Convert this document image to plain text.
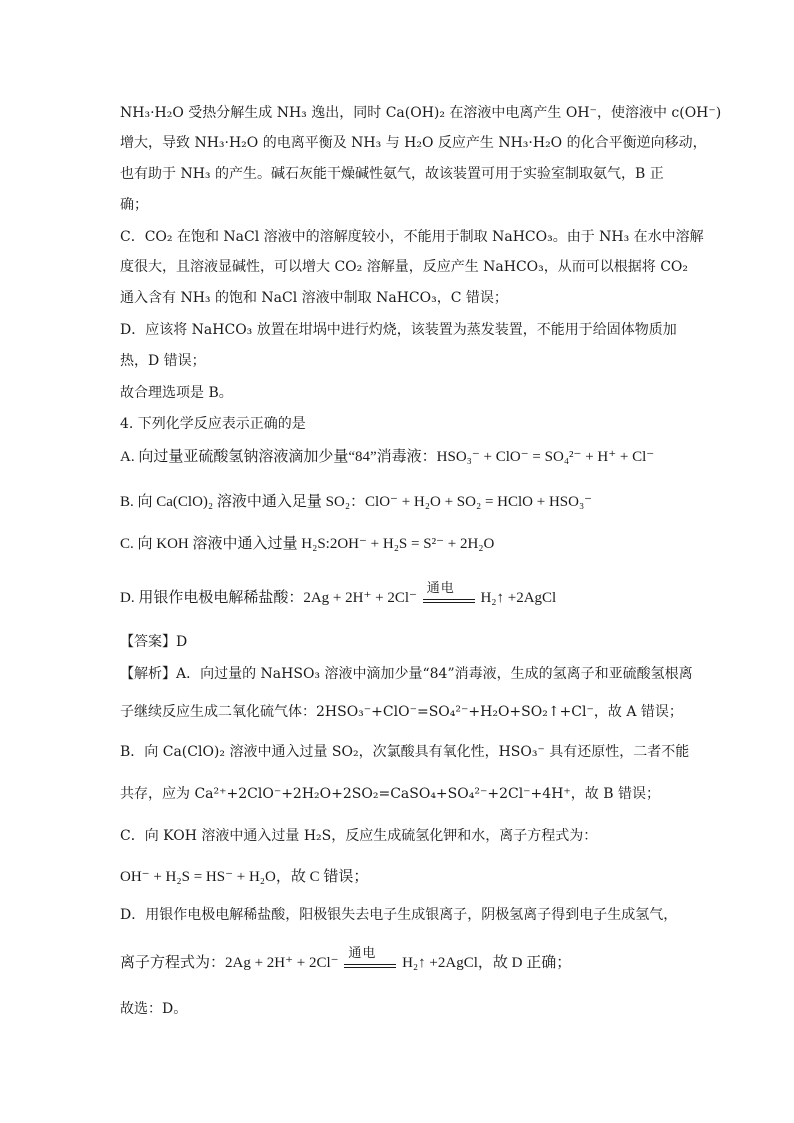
NH₃·H₂O 受热分解生成 NH₃ 逸出，同时 Ca(OH)₂ 在溶液中电离产生 OH⁻，使溶液中 c(OH⁻)
增大，导致 NH₃·H₂O 的电离平衡及 NH₃ 与 H₂O 反应产生 NH₃·H₂O 的化合平衡逆向移动，
也有助于 NH₃ 的产生。碱石灰能干燥碱性氨气，故该装置可用于实验室制取氨气，B 正
确；
C．CO₂ 在饱和 NaCl 溶液中的溶解度较小，不能用于制取 NaHCO₃。由于 NH₃ 在水中溶解
度很大，且溶液显碱性，可以增大 CO₂ 溶解量，反应产生 NaHCO₃，从而可以根据将 CO₂
通入含有 NH₃ 的饱和 NaCl 溶液中制取 NaHCO₃，C 错误；
D．应该将 NaHCO₃ 放置在坩埚中进行灼烧，该装置为蒸发装置，不能用于给固体物质加
热，D 错误；
故合理选项是 B。
4. 下列化学反应表示正确的是
A. 向过量亚硫酸氢钠溶液滴加少量“84”消毒液：HSO₃⁻ + ClO⁻ = SO₄²⁻ + H⁺ + Cl⁻
B. 向 Ca(ClO)₂ 溶液中通入足量 SO₂：ClO⁻ + H₂O + SO₂ = HClO + HSO₃⁻
C. 向 KOH 溶液中通入过量 H₂S:2OH⁻ + H₂S = S²⁻ + 2H₂O
D. 用银作电极电解稀盐酸：2Ag + 2H⁺ + 2Cl⁻
通电
H₂↑ +2AgCl
【答案】D
【解析】A．向过量的 NaHSO₃ 溶液中滴加少量“84”消毒液，生成的氢离子和亚硫酸氢根离
子继续反应生成二氧化硫气体：2HSO₃⁻+ClO⁻=SO₄²⁻+H₂O+SO₂↑+Cl⁻，故 A 错误；
B．向 Ca(ClO)₂ 溶液中通入过量 SO₂，次氯酸具有氧化性，HSO₃⁻ 具有还原性，二者不能
共存，应为 Ca²⁺+2ClO⁻+2H₂O+2SO₂=CaSO₄+SO₄²⁻+2Cl⁻+4H⁺，故 B 错误；
C．向 KOH 溶液中通入过量 H₂S，反应生成硫氢化钾和水，离子方程式为：
OH⁻ + H₂S = HS⁻ + H₂O，故 C 错误；
D．用银作电极电解稀盐酸，阳极银失去电子生成银离子，阴极氢离子得到电子生成氢气，
离子方程式为：2Ag + 2H⁺ + 2Cl⁻
通电
H₂↑ +2AgCl，故 D 正确；
故选：D。
